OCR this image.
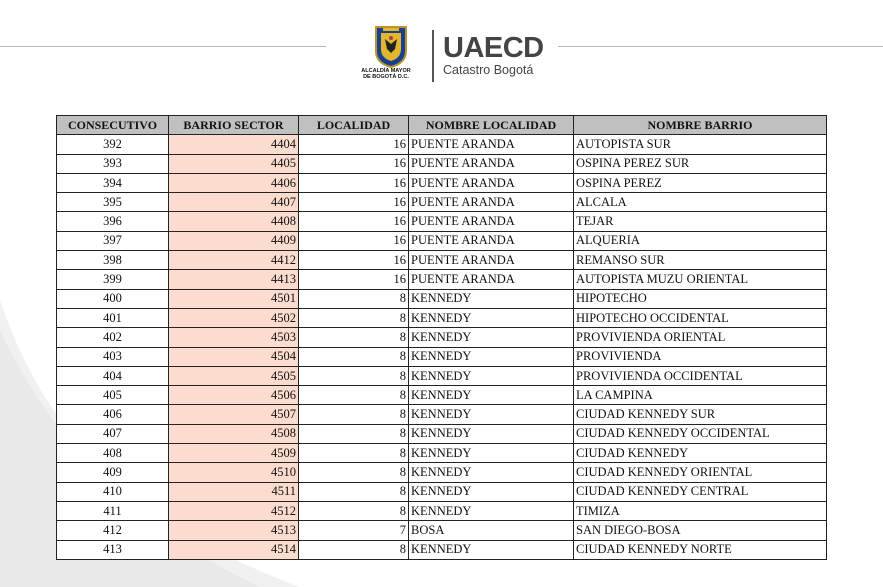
ALCALDÍA MAYOR
DE BOGOTÁ D.C.
UAECD
Catastro Bogotá
CONSECUTIVO	BARRIO SECTOR	LOCALIDAD	NOMBRE LOCALIDAD	NOMBRE BARRIO
392	4404	16	PUENTE ARANDA	AUTOPISTA SUR
393	4405	16	PUENTE ARANDA	OSPINA PEREZ SUR
394	4406	16	PUENTE ARANDA	OSPINA PEREZ
395	4407	16	PUENTE ARANDA	ALCALA
396	4408	16	PUENTE ARANDA	TEJAR
397	4409	16	PUENTE ARANDA	ALQUERIA
398	4412	16	PUENTE ARANDA	REMANSO SUR
399	4413	16	PUENTE ARANDA	AUTOPISTA MUZU ORIENTAL
400	4501	8	KENNEDY	HIPOTECHO
401	4502	8	KENNEDY	HIPOTECHO OCCIDENTAL
402	4503	8	KENNEDY	PROVIVIENDA ORIENTAL
403	4504	8	KENNEDY	PROVIVIENDA
404	4505	8	KENNEDY	PROVIVIENDA OCCIDENTAL
405	4506	8	KENNEDY	LA CAMPINA
406	4507	8	KENNEDY	CIUDAD KENNEDY SUR
407	4508	8	KENNEDY	CIUDAD KENNEDY OCCIDENTAL
408	4509	8	KENNEDY	CIUDAD KENNEDY
409	4510	8	KENNEDY	CIUDAD KENNEDY ORIENTAL
410	4511	8	KENNEDY	CIUDAD KENNEDY CENTRAL
411	4512	8	KENNEDY	TIMIZA
412	4513	7	BOSA	SAN DIEGO-BOSA
413	4514	8	KENNEDY	CIUDAD KENNEDY NORTE
